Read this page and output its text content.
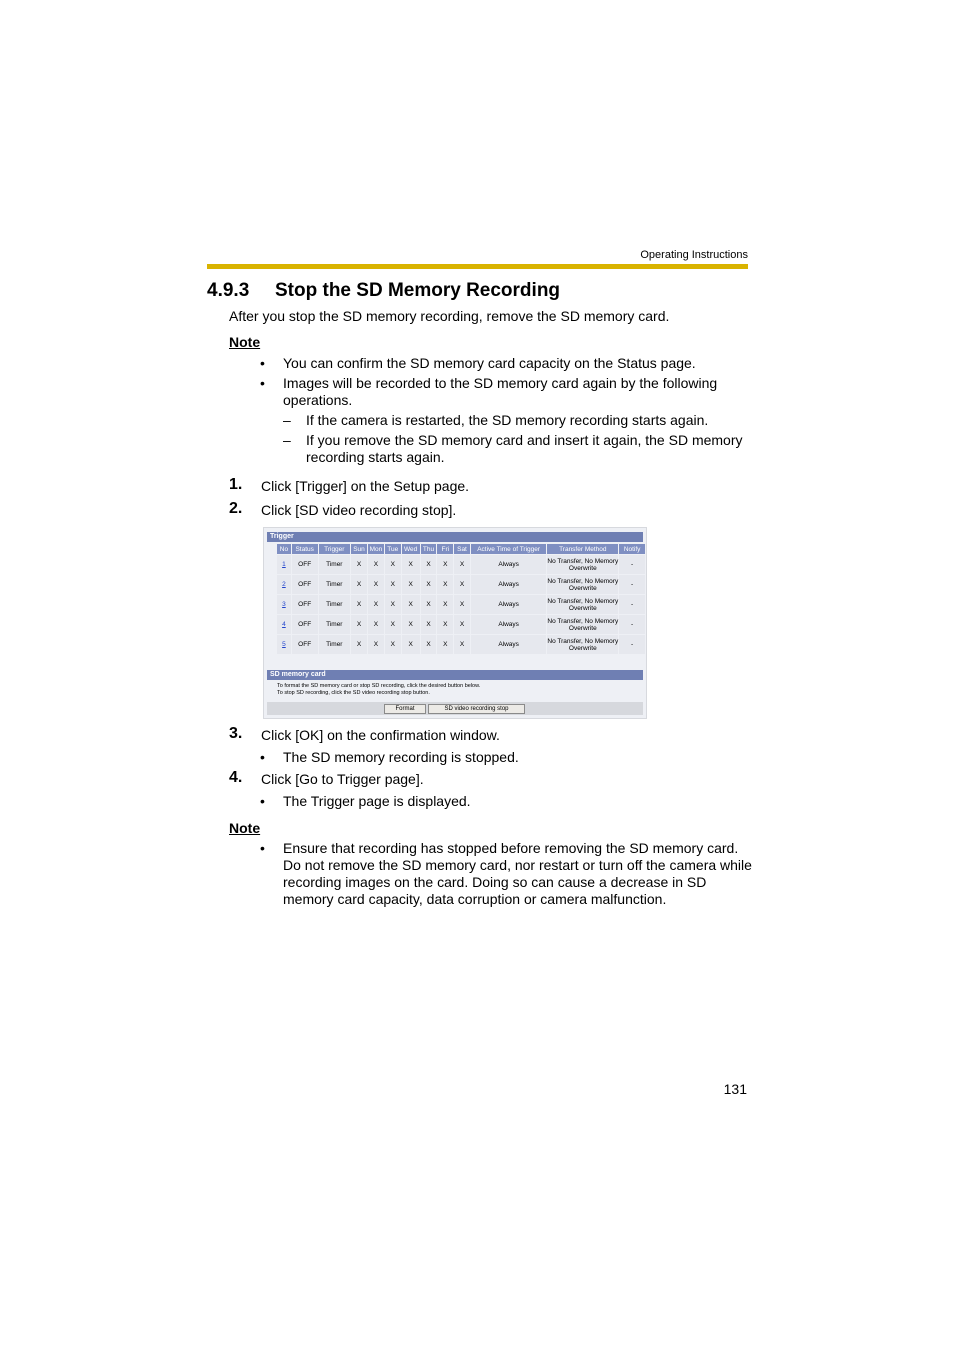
Operating Instructions
4.9.3 Stop the SD Memory Recording
After you stop the SD memory recording, remove the SD memory card.
Note
• You can confirm the SD memory card capacity on the Status page.
• Images will be recorded to the SD memory card again by the following operations.
– If the camera is restarted, the SD memory recording starts again.
– If you remove the SD memory card and insert it again, the SD memory recording starts again.
1. Click [Trigger] on the Setup page.
2. Click [SD video recording stop].
Trigger
No	Status	Trigger	Sun	Mon	Tue	Wed	Thu	Fri	Sat	Active Time of Trigger	Transfer Method	Notify
1	OFF	Timer	X	X	X	X	X	X	X	Always	No Transfer, No Memory Overwrite	-
2	OFF	Timer	X	X	X	X	X	X	X	Always	No Transfer, No Memory Overwrite	-
3	OFF	Timer	X	X	X	X	X	X	X	Always	No Transfer, No Memory Overwrite	-
4	OFF	Timer	X	X	X	X	X	X	X	Always	No Transfer, No Memory Overwrite	-
5	OFF	Timer	X	X	X	X	X	X	X	Always	No Transfer, No Memory Overwrite	-
SD memory card
To format the SD memory card or stop SD recording, click the desired button below.
To stop SD recording, click the SD video recording stop button.
Format	SD video recording stop
3. Click [OK] on the confirmation window.
• The SD memory recording is stopped.
4. Click [Go to Trigger page].
• The Trigger page is displayed.
Note
• Ensure that recording has stopped before removing the SD memory card. Do not remove the SD memory card, nor restart or turn off the camera while recording images on the card. Doing so can cause a decrease in SD memory card capacity, data corruption or camera malfunction.
131
